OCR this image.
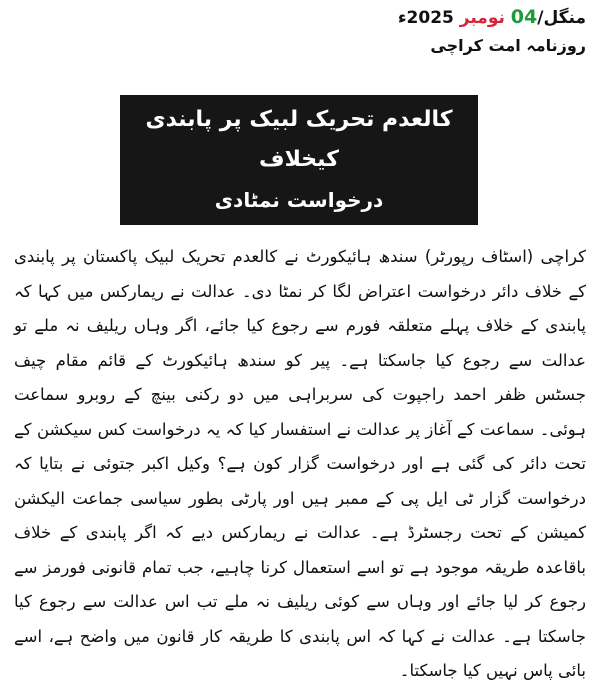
منگل/04 نومبر 2025ء
روزنامہ امت کراچی
کالعدم تحریک لبیک پر پابندی کیخلاف
درخواست نمٹادی

کراچی (اسٹاف رپورٹر) سندھ ہائیکورٹ نے کالعدم تحریک لبیک پاکستان پر پابندی کے خلاف دائر درخواست اعتراض لگا کر نمٹا دی۔ عدالت نے ریمارکس میں کہا کہ پابندی کے خلاف پہلے متعلقہ فورم سے رجوع کیا جائے، اگر وہاں ریلیف نہ ملے تو عدالت سے رجوع کیا جاسکتا ہے۔ پیر کو سندھ ہائیکورٹ کے قائم مقام چیف جسٹس ظفر احمد راجپوت کی سربراہی میں دو رکنی بینچ کے روبرو سماعت ہوئی۔ سماعت کے آغاز پر عدالت نے استفسار کیا کہ یہ درخواست کس سیکشن کے تحت دائر کی گئی ہے اور درخواست گزار کون ہے؟ وکیل اکبر جتوئی نے بتایا کہ درخواست گزار ٹی ایل پی کے ممبر ہیں اور پارٹی بطور سیاسی جماعت الیکشن کمیشن کے تحت رجسٹرڈ ہے۔ عدالت نے ریمارکس دیے کہ اگر پابندی کے خلاف باقاعدہ طریقہ موجود ہے تو اسے استعمال کرنا چاہیے، جب تمام قانونی فورمز سے رجوع کر لیا جائے اور وہاں سے کوئی ریلیف نہ ملے تب اس عدالت سے رجوع کیا جاسکتا ہے۔ عدالت نے کہا کہ اس پابندی کا طریقہ کار قانون میں واضح ہے، اسے بائی پاس نہیں کیا جاسکتا۔
